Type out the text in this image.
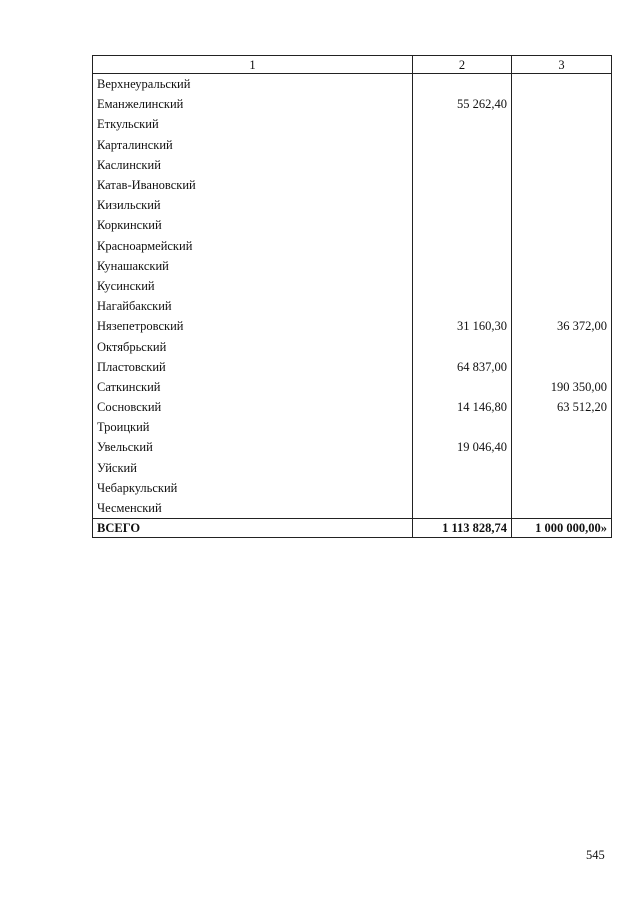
1	2	3
Верхнеуральский		
Еманжелинский	55 262,40	
Еткульский		
Карталинский		
Каслинский		
Катав-Ивановский		
Кизильский		
Коркинский		
Красноармейский		
Кунашакский		
Кусинский		
Нагайбакский		
Нязепетровский	31 160,30	36 372,00
Октябрьский		
Пластовский	64 837,00	
Саткинский		190 350,00
Сосновский	14 146,80	63 512,20
Троицкий		
Увельский	19 046,40	
Уйский		
Чебаркульский		
Чесменский		
ВСЕГО	1 113 828,74	1 000 000,00»
545
